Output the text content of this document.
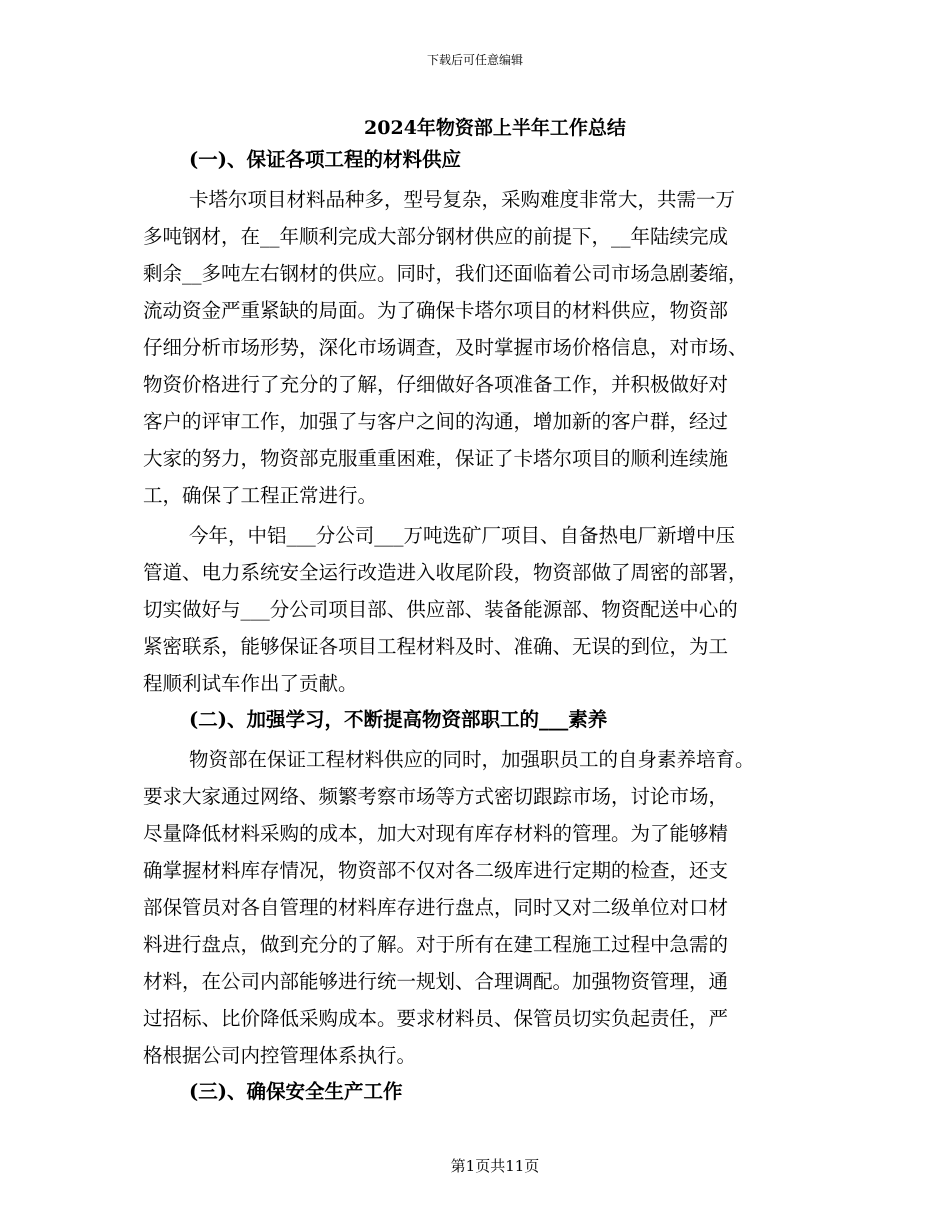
下载后可任意编辑
2024年物资部上半年工作总结
(一)、保证各项工程的材料供应
卡塔尔项目材料品种多，型号复杂，采购难度非常大，共需一万
多吨钢材，在__年顺利完成大部分钢材供应的前提下，__年陆续完成
剩余__多吨左右钢材的供应。同时，我们还面临着公司市场急剧萎缩，
流动资金严重紧缺的局面。为了确保卡塔尔项目的材料供应，物资部
仔细分析市场形势，深化市场调查，及时掌握市场价格信息，对市场、
物资价格进行了充分的了解，仔细做好各项准备工作，并积极做好对
客户的评审工作，加强了与客户之间的沟通，增加新的客户群，经过
大家的努力，物资部克服重重困难，保证了卡塔尔项目的顺利连续施
工，确保了工程正常进行。
今年，中铝___分公司___万吨选矿厂项目、自备热电厂新增中压
管道、电力系统安全运行改造进入收尾阶段，物资部做了周密的部署，
切实做好与___分公司项目部、供应部、装备能源部、物资配送中心的
紧密联系，能够保证各项目工程材料及时、准确、无误的到位，为工
程顺利试车作出了贡献。
(二)、加强学习，不断提高物资部职工的___素养
物资部在保证工程材料供应的同时，加强职员工的自身素养培育。
要求大家通过网络、频繁考察市场等方式密切跟踪市场，讨论市场，
尽量降低材料采购的成本，加大对现有库存材料的管理。为了能够精
确掌握材料库存情况，物资部不仅对各二级库进行定期的检查，还支
部保管员对各自管理的材料库存进行盘点，同时又对二级单位对口材
料进行盘点，做到充分的了解。对于所有在建工程施工过程中急需的
材料，在公司内部能够进行统一规划、合理调配。加强物资管理，通
过招标、比价降低采购成本。要求材料员、保管员切实负起责任，严
格根据公司内控管理体系执行。
(三)、确保安全生产工作
第1页共11页
